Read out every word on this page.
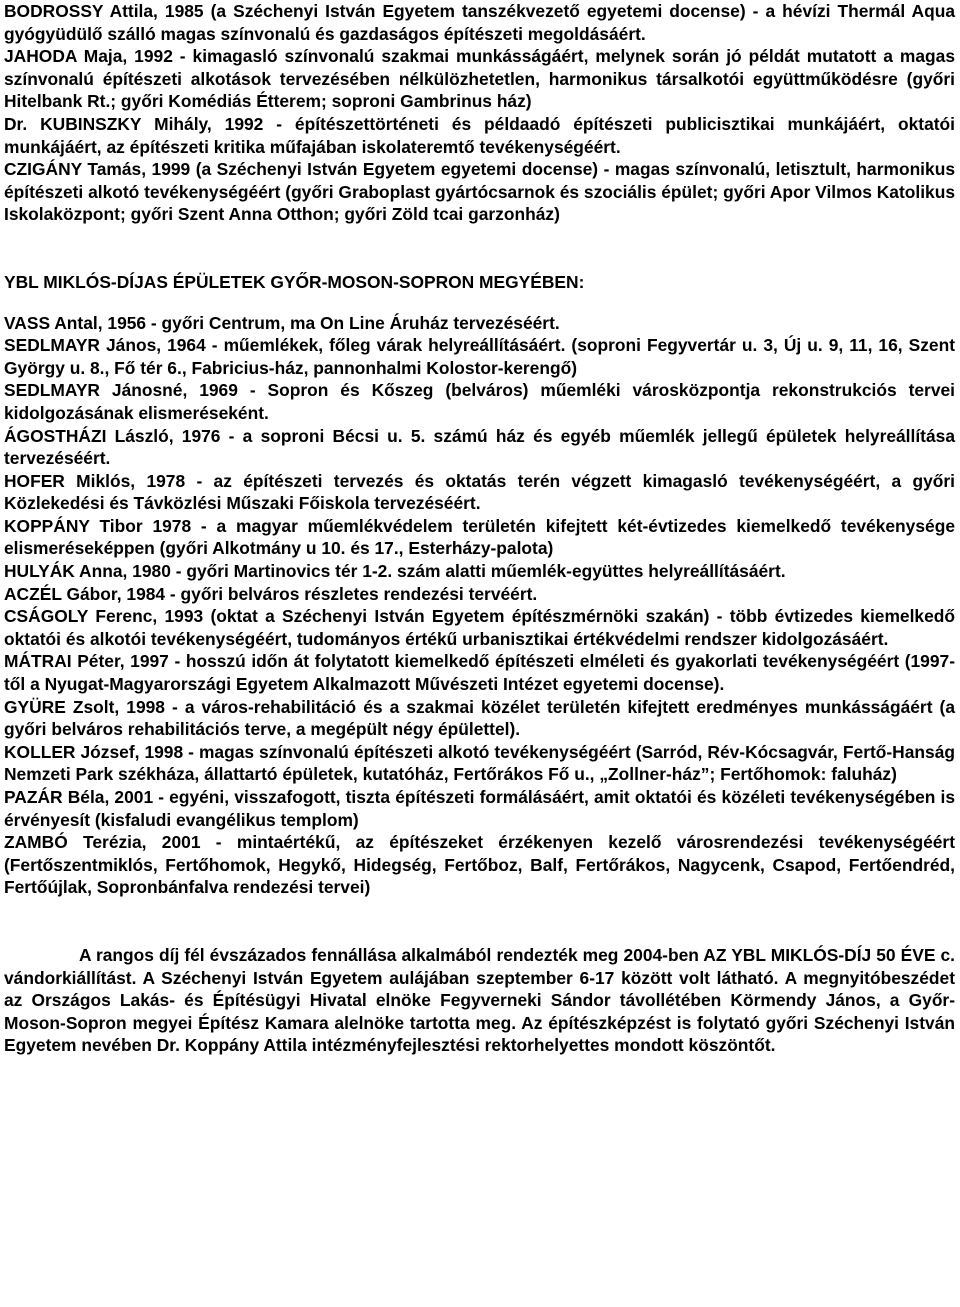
BODROSSY Attila, 1985 (a Széchenyi István Egyetem tanszékvezető egyetemi docense) - a hévízi Thermál Aqua gyógyüdülő szálló magas színvonalú és gazdaságos építészeti megoldásáért.

JAHODA Maja, 1992 - kimagasló színvonalú szakmai munkásságáért, melynek során jó példát mutatott a magas színvonalú építészeti alkotások tervezésében nélkülözhetetlen, harmonikus társalkotói együttműködésre (győri Hitelbank Rt.; győri Komédiás Étterem; soproni Gambrinus ház)

Dr. KUBINSZKY Mihály, 1992 - építészettörténeti és példaadó építészeti publicisztikai munkájáért, oktatói munkájáért, az építészeti kritika műfajában iskolateremtő tevékenységéért.

CZIGÁNY Tamás, 1999 (a Széchenyi István Egyetem egyetemi docense) - magas színvonalú, letisztult, harmonikus építészeti alkotó tevékenységéért (győri Graboplast gyártócsarnok és szociális épület; győri Apor Vilmos Katolikus Iskolaközpont; győri Szent Anna Otthon; győri Zöld tcai garzonház)

YBL MIKLÓS-DÍJAS ÉPÜLETEK GYŐR-MOSON-SOPRON MEGYÉBEN:

VASS Antal, 1956 - győri Centrum, ma On Line Áruház tervezéséért.

SEDLMAYR János, 1964 - műemlékek, főleg várak helyreállításáért. (soproni Fegyvertár u. 3, Új u. 9, 11, 16, Szent György u. 8., Fő tér 6., Fabricius-ház, pannonhalmi Kolostor-kerengő)

SEDLMAYR Jánosné, 1969 - Sopron és Kőszeg (belváros) műemléki városközpontja rekonstrukciós tervei kidolgozásának elismeréseként.

ÁGOSTHÁZI László, 1976 - a soproni Bécsi u. 5. számú ház és egyéb műemlék jellegű épületek helyreállítása tervezéséért.

HOFER Miklós, 1978 - az építészeti tervezés és oktatás terén végzett kimagasló tevékenységéért, a győri Közlekedési és Távközlési Műszaki Főiskola tervezéséért.

KOPPÁNY Tibor 1978 - a magyar műemlékvédelem területén kifejtett két-évtizedes kiemelkedő tevékenysége elismeréseképpen (győri Alkotmány u 10. és 17., Esterházy-palota)

HULYÁK Anna, 1980 - győri Martinovics tér 1-2. szám alatti műemlék-együttes helyreállításáért.

ACZÉL Gábor, 1984 - győri belváros részletes rendezési tervéért.

CSÁGOLY Ferenc, 1993 (oktat a Széchenyi István Egyetem építészmérnöki szakán) - több évtizedes kiemelkedő oktatói és alkotói tevékenységéért, tudományos értékű urbanisztikai értékvédelmi rendszer kidolgozásáért.

MÁTRAI Péter, 1997 - hosszú időn át folytatott kiemelkedő építészeti elméleti és gyakorlati tevékenységéért (1997-től a Nyugat-Magyarországi Egyetem Alkalmazott Művészeti Intézet egyetemi docense).

GYÜRE Zsolt, 1998 - a város-rehabilitáció és a szakmai közélet területén kifejtett eredményes munkásságáért (a győri belváros rehabilitációs terve, a megépült négy épülettel).

KOLLER József, 1998 - magas színvonalú építészeti alkotó tevékenységéért (Sarród, Rév-Kócsagvár, Fertő-Hanság Nemzeti Park székháza, állattartó épületek, kutatóház, Fertőrákos Fő u., „Zollner-ház”; Fertőhomok: faluház)

PAZÁR Béla, 2001 - egyéni, visszafogott, tiszta építészeti formálásáért, amit oktatói és közéleti tevékenységében is érvényesít (kisfaludi evangélikus templom)

ZAMBÓ Terézia, 2001 - mintaértékű, az építészeket érzékenyen kezelő városrendezési tevékenységéért (Fertőszentmiklós, Fertőhomok, Hegykő, Hidegség, Fertőboz, Balf, Fertőrákos, Nagycenk, Csapod, Fertőendréd, Fertőújlak, Sopronbánfalva rendezési tervei)

A rangos díj fél évszázados fennállása alkalmából rendezték meg 2004-ben AZ YBL MIKLÓS-DÍJ 50 ÉVE c. vándorkiállítást. A Széchenyi István Egyetem aulájában szeptember 6-17 között volt látható. A megnyitóbeszédet az Országos Lakás- és Építésügyi Hivatal elnöke Fegyverneki Sándor távollétében Körmendy János, a Győr-Moson-Sopron megyei Építész Kamara alelnöke tartotta meg. Az építészképzést is folytató győri Széchenyi István Egyetem nevében Dr. Koppány Attila intézményfejlesztési rektorhelyettes mondott köszöntőt.
